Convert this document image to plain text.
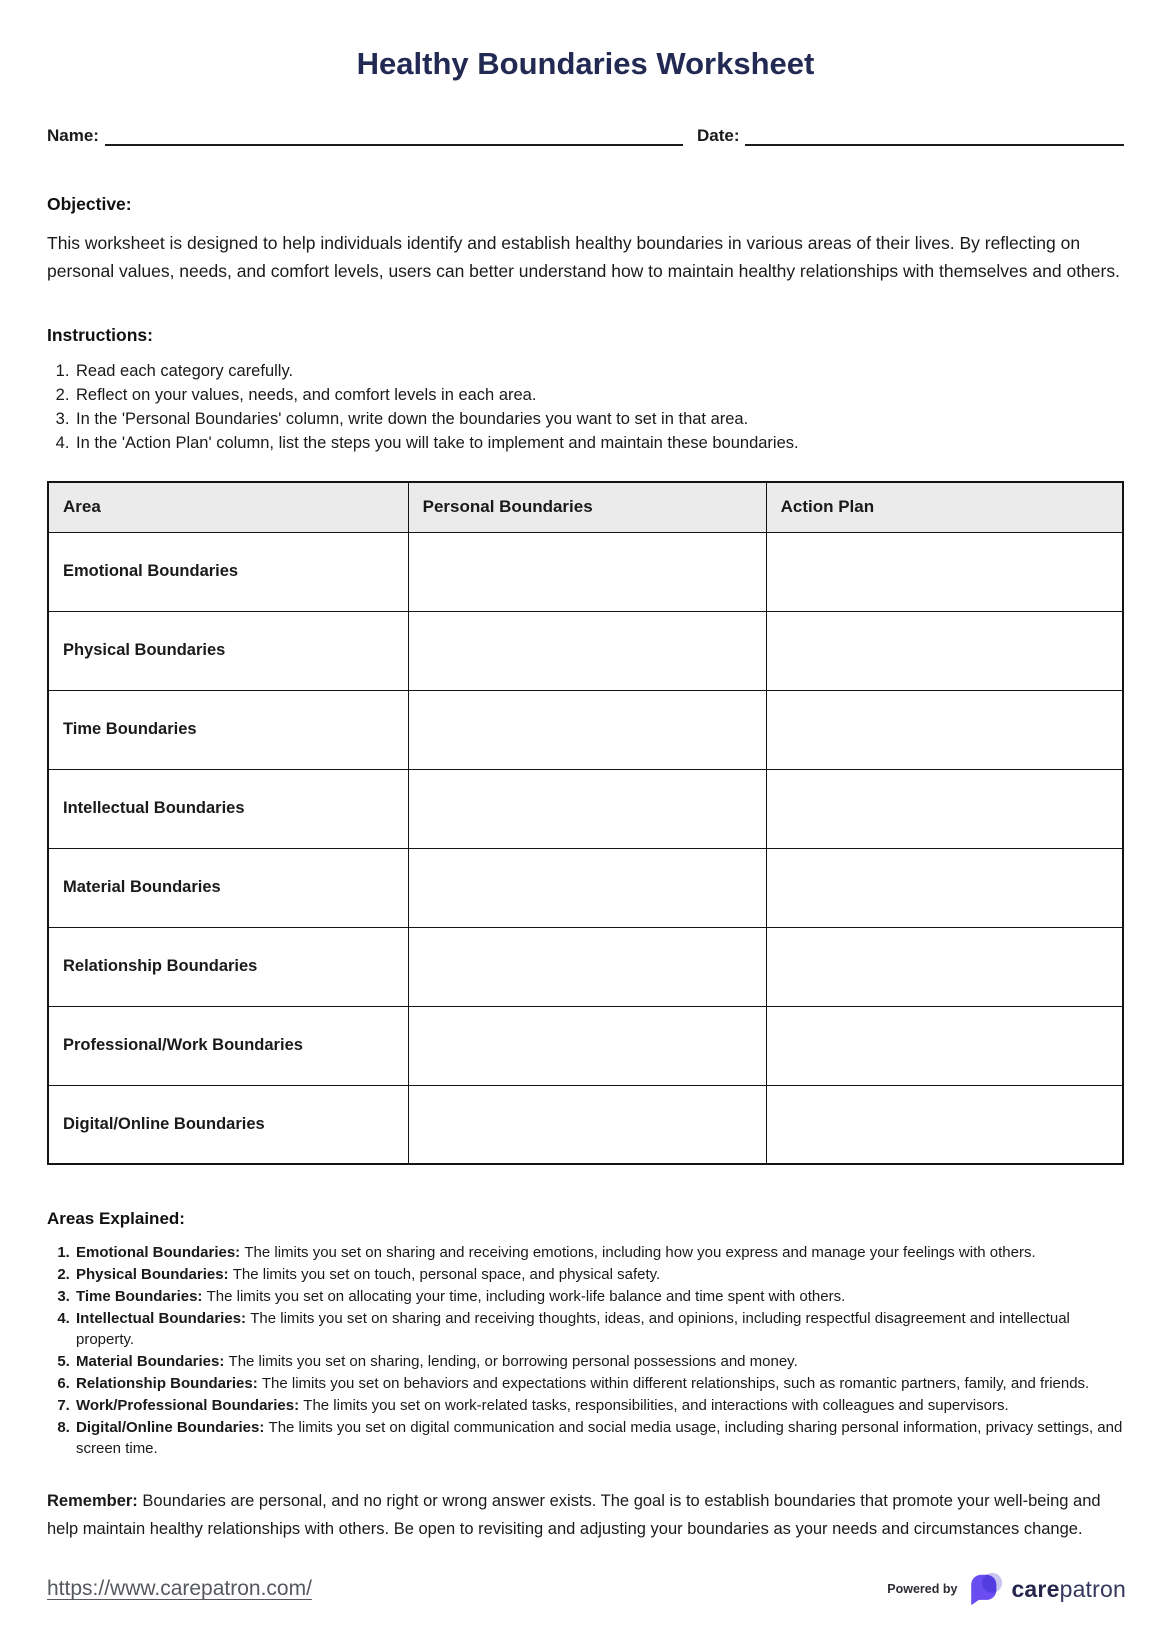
Healthy Boundaries Worksheet
Name:	Date:
Objective:

This worksheet is designed to help individuals identify and establish healthy boundaries in various areas of their lives. By reflecting on personal values, needs, and comfort levels, users can better understand how to maintain healthy relationships with themselves and others.

Instructions:
1. Read each category carefully.
2. Reflect on your values, needs, and comfort levels in each area.
3. In the 'Personal Boundaries' column, write down the boundaries you want to set in that area.
4. In the 'Action Plan' column, list the steps you will take to implement and maintain these boundaries.
Area	Personal Boundaries	Action Plan
Emotional Boundaries		
Physical Boundaries		
Time Boundaries		
Intellectual Boundaries		
Material Boundaries		
Relationship Boundaries		
Professional/Work Boundaries		
Digital/Online Boundaries		
Areas Explained:
1. Emotional Boundaries: The limits you set on sharing and receiving emotions, including how you express and manage your feelings with others.
2. Physical Boundaries: The limits you set on touch, personal space, and physical safety.
3. Time Boundaries: The limits you set on allocating your time, including work-life balance and time spent with others.
4. Intellectual Boundaries: The limits you set on sharing and receiving thoughts, ideas, and opinions, including respectful disagreement and intellectual property.
5. Material Boundaries: The limits you set on sharing, lending, or borrowing personal possessions and money.
6. Relationship Boundaries: The limits you set on behaviors and expectations within different relationships, such as romantic partners, family, and friends.
7. Work/Professional Boundaries: The limits you set on work-related tasks, responsibilities, and interactions with colleagues and supervisors.
8. Digital/Online Boundaries: The limits you set on digital communication and social media usage, including sharing personal information, privacy settings, and screen time.

Remember: Boundaries are personal, and no right or wrong answer exists. The goal is to establish boundaries that promote your well-being and help maintain healthy relationships with others. Be open to revisiting and adjusting your boundaries as your needs and circumstances change.

https://www.carepatron.com/	Powered by carepatron
